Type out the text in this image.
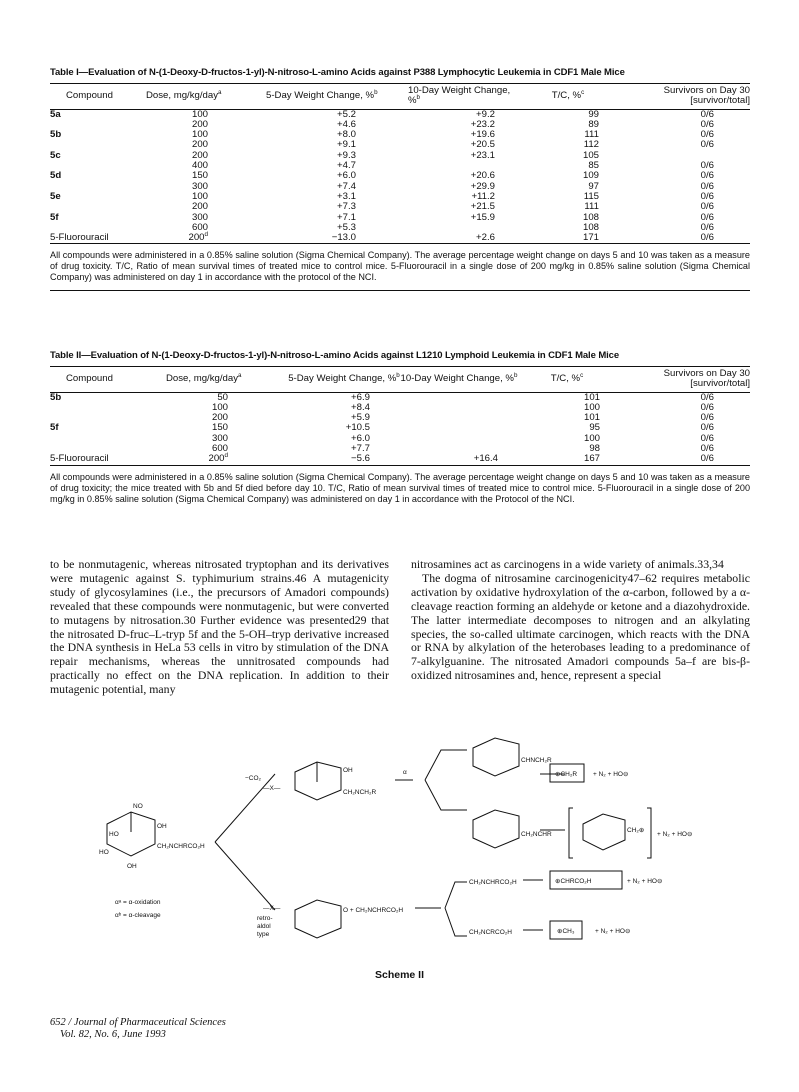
Table I—Evaluation of N-(1-Deoxy-D-fructos-1-yl)-N-nitroso-L-amino Acids against P388 Lymphocytic Leukemia in CDF1 Male Mice
Compound	Dose, mg/kg/day$^a$	5-Day Weight Change, %$^b$	10-Day Weight Change, %$^b$	T/C, %$^c$	Survivors on Day 30
[survivor/total]
5a	100	+5.2	+9.2	99	0/6
	200	+4.6	+23.2	89	0/6
5b	100	+8.0	+19.6	111	0/6
	200	+9.1	+20.5	112	0/6
5c	200	+9.3	+23.1	105	
	400	+4.7		85	0/6
5d	150	+6.0	+20.6	109	0/6
	300	+7.4	+29.9	97	0/6
5e	100	+3.1	+11.2	115	0/6
	200	+7.3	+21.5	111	0/6
5f	300	+7.1	+15.9	108	0/6
	600	+5.3		108	0/6
5-Fluorouracil	$200^d$	−13.0	+2.6	171	0/6
All compounds were administered in a 0.85% saline solution (Sigma Chemical Company). The average percentage weight change on days 5 and 10 was taken as a measure of drug toxicity. T/C, Ratio of mean survival times of treated mice to control mice. 5-Fluorouracil in a single dose of 200 mg/kg in 0.85% saline solution (Sigma Chemical Company) was administered on day 1 in accordance with the protocol of the NCI.
Table II—Evaluation of N-(1-Deoxy-D-fructos-1-yl)-N-nitroso-L-amino Acids against L1210 Lymphoid Leukemia in CDF1 Male Mice
Compound	Dose, mg/kg/day$^a$	5-Day Weight Change, %$^b$	10-Day Weight Change, %$^b$	T/C, %$^c$	Survivors on Day 30
[survivor/total]
5b	50	+6.9		101	0/6
	100	+8.4		100	0/6
	200	+5.9		101	0/6
5f	150	+10.5		95	0/6
	300	+6.0		100	0/6
	600	+7.7		98	0/6
5-Fluorouracil	$200^d$	−5.6	+16.4	167	0/6
All compounds were administered in a 0.85% saline solution (Sigma Chemical Company). The average percentage weight change on days 5 and 10 was taken as a measure of drug toxicity; the mice treated with 5b and 5f died before day 10. T/C, Ratio of mean survival times of treated mice to control mice. 5-Fluorouracil in a single dose of 200 mg/kg in 0.85% saline solution (Sigma Chemical Company) was administered on day 1 in accordance with the Protocol of the NCI.

to be nonmutagenic, whereas nitrosated tryptophan and its derivatives were mutagenic against S. typhimurium strains.46 A mutagenicity study of glycosylamines (i.e., the precursors of Amadori compounds) revealed that these compounds were nonmutagenic, but were converted to mutagens by nitrosation.30 Further evidence was presented29 that the nitrosated D-fruc–L-tryp 5f and the 5-OH–tryp derivative increased the DNA synthesis in HeLa 53 cells in vitro by stimulation of the DNA repair mechanisms, whereas the unnitrosated compounds had practically no effect on the DNA replication. In addition to their mutagenic potential, many

nitrosamines act as carcinogens in a wide variety of animals.33,34

The dogma of nitrosamine carcinogenicity47–62 requires metabolic activation by oxidative hydroxylation of the α-carbon, followed by a α-cleavage reaction forming an aldehyde or ketone and a diazohydroxide. The latter intermediate decomposes to nitrogen and an alkylating species, the so-called ultimate carcinogen, which reacts with the DNA or RNA by alkylation of the heterobases leading to a predominance of 7-alkylguanine. The nitrosated Amadori compounds 5a–f are bis-β-oxidized nitrosamines and, hence, represent a special

NO
OH
HO
CH₂NCHRCO₂H
HO
OH
−CO₂
—X—
OH
CH₂NCH₂R
α
CHNCH₂R
⊕CH₂R + N₂ + HO⊖
CH₂NCHR
CH₂⊕
+ N₂ + HO⊖
—X—
retro-
aldol
type
O + CH₂NCHRCO₂H
CH₂NCHRCO₂H	⊕CHRCO₂H	+ N₂ + HO⊖
CH₂NCRCO₂H	⊕CH₃	+ N₂ + HO⊖
αᵃ = α-oxidation
αᵇ = α-cleavage
Scheme II
652 / Journal of Pharmaceutical Sciences
Vol. 82, No. 6, June 1993
